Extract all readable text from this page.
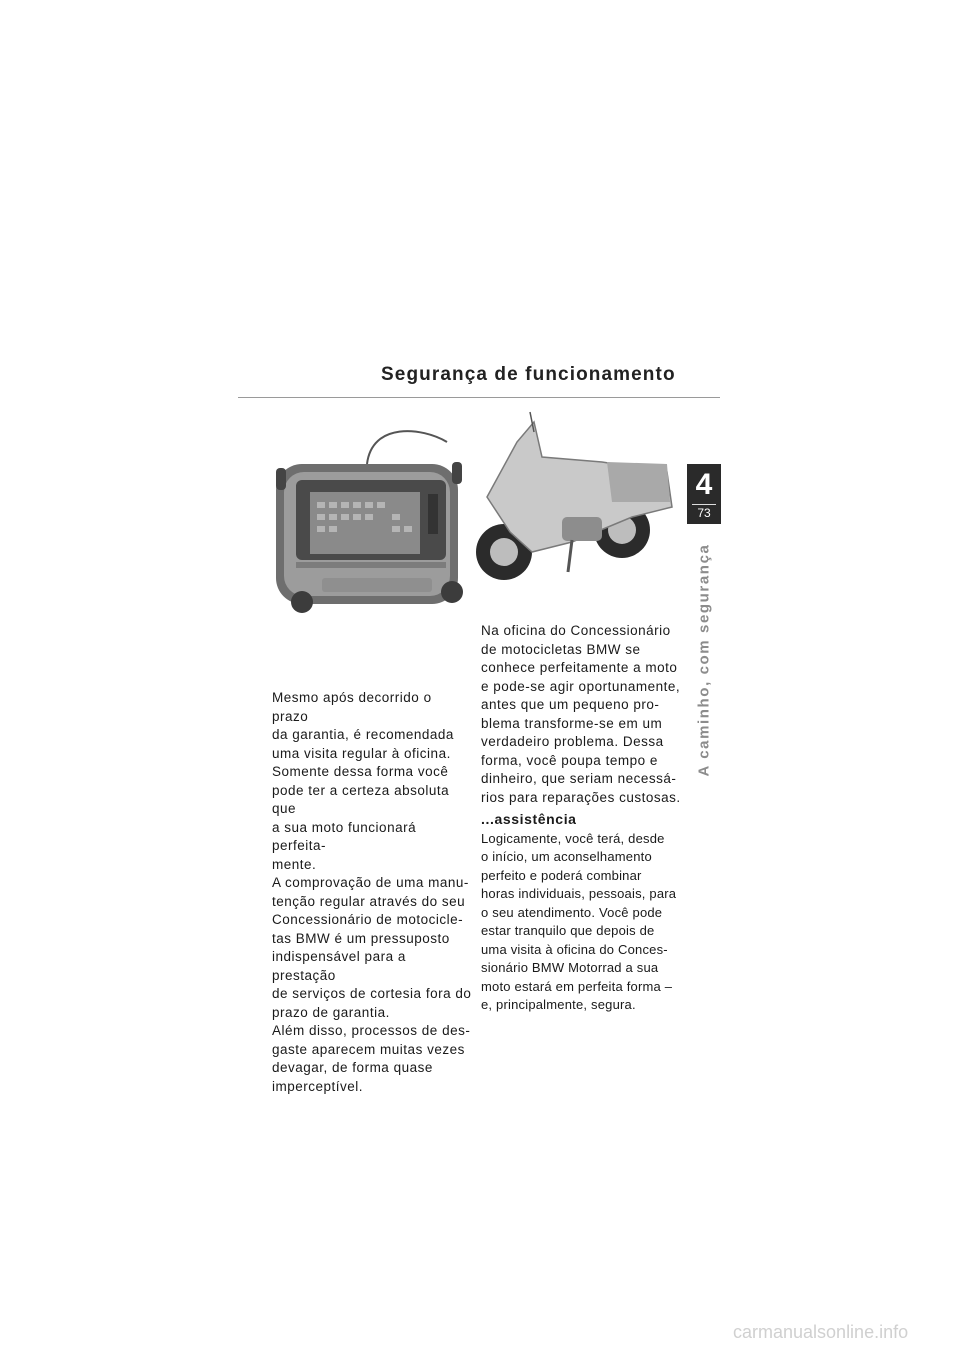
Segurança de funcionamento
4
73
A caminho, com segurança

Mesmo após decorrido o prazo
da garantia, é recomendada
uma visita regular à oficina.
Somente dessa forma você
pode ter a certeza absoluta que
a sua moto funcionará perfeita-
mente.
A comprovação de uma manu-
tenção regular através do seu
Concessionário de motocicle-
tas BMW é um pressuposto
indispensável para a prestação
de serviços de cortesia fora do
prazo de garantia.
Além disso, processos de des-
gaste aparecem muitas vezes
devagar, de forma quase
imperceptível.

Na oficina do Concessionário
de motocicletas BMW se
conhece perfeitamente a moto
e pode-se agir oportunamente,
antes que um pequeno pro-
blema transforme-se em um
verdadeiro problema. Dessa
forma, você poupa tempo e
dinheiro, que seriam necessá-
rios para reparações custosas.

...assistência

Logicamente, você terá, desde
o início, um aconselhamento
perfeito e poderá combinar
horas individuais, pessoais, para
o seu atendimento. Você pode
estar tranquilo que depois de
uma visita à oficina do Conces-
sionário BMW Motorrad a sua
moto estará em perfeita forma –
e, principalmente, segura.

carmanualsonline.info
